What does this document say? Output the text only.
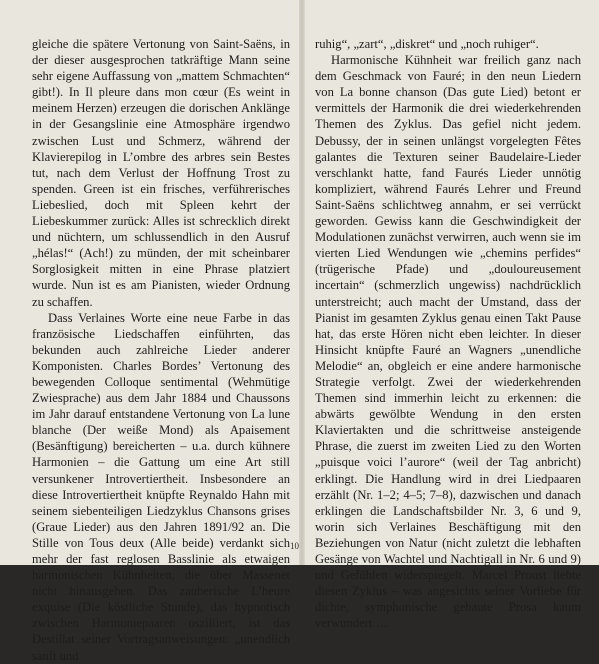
gleiche die spätere Vertonung von Saint-Saëns, in der dieser ausgesprochen tatkräftige Mann seine sehr eigene Auffassung von „mattem Schmachten“ gibt!). In Il pleure dans mon cœur (Es weint in meinem Herzen) erzeugen die dorischen Anklänge in der Gesangslinie eine Atmosphäre irgendwo zwischen Lust und Schmerz, während der Klavierepilog in L’ombre des arbres sein Bestes tut, nach dem Verlust der Hoffnung Trost zu spenden. Green ist ein frisches, verführerisches Liebeslied, doch mit Spleen kehrt der Liebeskummer zurück: Alles ist schrecklich direkt und nüchtern, um schlussendlich in den Ausruf „hélas!“ (Ach!) zu münden, der mit scheinbarer Sorglosigkeit mitten in eine Phrase platziert wurde. Nun ist es am Pianisten, wieder Ordnung zu schaffen.

Dass Verlaines Worte eine neue Farbe in das französische Liedschaffen einführten, das bekunden auch zahlreiche Lieder anderer Komponisten. Charles Bordes’ Vertonung des bewegenden Colloque sentimental (Wehmütige Zwiesprache) aus dem Jahr 1884 und Chaussons im Jahr darauf entstandene Vertonung von La lune blanche (Der weiße Mond) als Apaisement (Besänftigung) bereicherten – u.a. durch kühnere Harmonien – die Gattung um eine Art still versunkener Introvertiertheit. Insbesondere an diese Introvertiertheit knüpfte Reynaldo Hahn mit seinem siebenteiligen Liedzyklus Chansons grises (Graue Lieder) aus den Jahren 1891/92 an. Die Stille von Tous deux (Alle beide) verdankt sich mehr der fast reglosen Basslinie als etwaigen harmonischen Kühnheiten, die über Massenet nicht hinausgehen. Das zauberische L’heure exquise (Die köstliche Stunde), das hypnotisch zwischen Harmoniepaaren oszilliert, ist das Destillat seiner Vortragsanweisungen: „unendlich sanft und

ruhig“, „zart“, „diskret“ und „noch ruhiger“.

Harmonische Kühnheit war freilich ganz nach dem Geschmack von Fauré; in den neun Liedern von La bonne chanson (Das gute Lied) betont er vermittels der Harmonik die drei wiederkehrenden Themen des Zyklus. Das gefiel nicht jedem. Debussy, der in seinen unlängst vorgelegten Fêtes galantes die Texturen seiner Baudelaire-Lieder verschlankt hatte, fand Faurés Lieder unnötig kompliziert, während Faurés Lehrer und Freund Saint-Saëns schlichtweg annahm, er sei verrückt geworden. Gewiss kann die Geschwindigkeit der Modulationen zunächst verwirren, auch wenn sie im vierten Lied Wendungen wie „chemins perfides“ (trügerische Pfade) und „douloureusement incertain“ (schmerzlich ungewiss) nachdrücklich unterstreicht; auch macht der Umstand, dass der Pianist im gesamten Zyklus genau einen Takt Pause hat, das erste Hören nicht eben leichter. In dieser Hinsicht knüpfte Fauré an Wagners „unendliche Melodie“ an, obgleich er eine andere harmonische Strategie verfolgt. Zwei der wiederkehrenden Themen sind immerhin leicht zu erkennen: die abwärts gewölbte Wendung in den ersten Klaviertakten und die schrittweise ansteigende Phrase, die zuerst im zweiten Lied zu den Worten „puisque voici l’aurore“ (weil der Tag anbricht) erklingt. Die Handlung wird in drei Liedpaaren erzählt (Nr. 1–2; 4–5; 7–8), dazwischen und danach erklingen die Landschaftsbilder Nr. 3, 6 und 9, worin sich Verlaines Beschäftigung mit den Beziehungen von Natur (nicht zuletzt die lebhaften Gesänge von Wachtel und Nachtigall in Nr. 6 und 9) und Gefühlen widerspiegelt. Marcel Proust liebte diesen Zyklus – was angesichts seiner Vorliebe für dichte, symphonische gebaute Prosa kaum verwundert …

10
